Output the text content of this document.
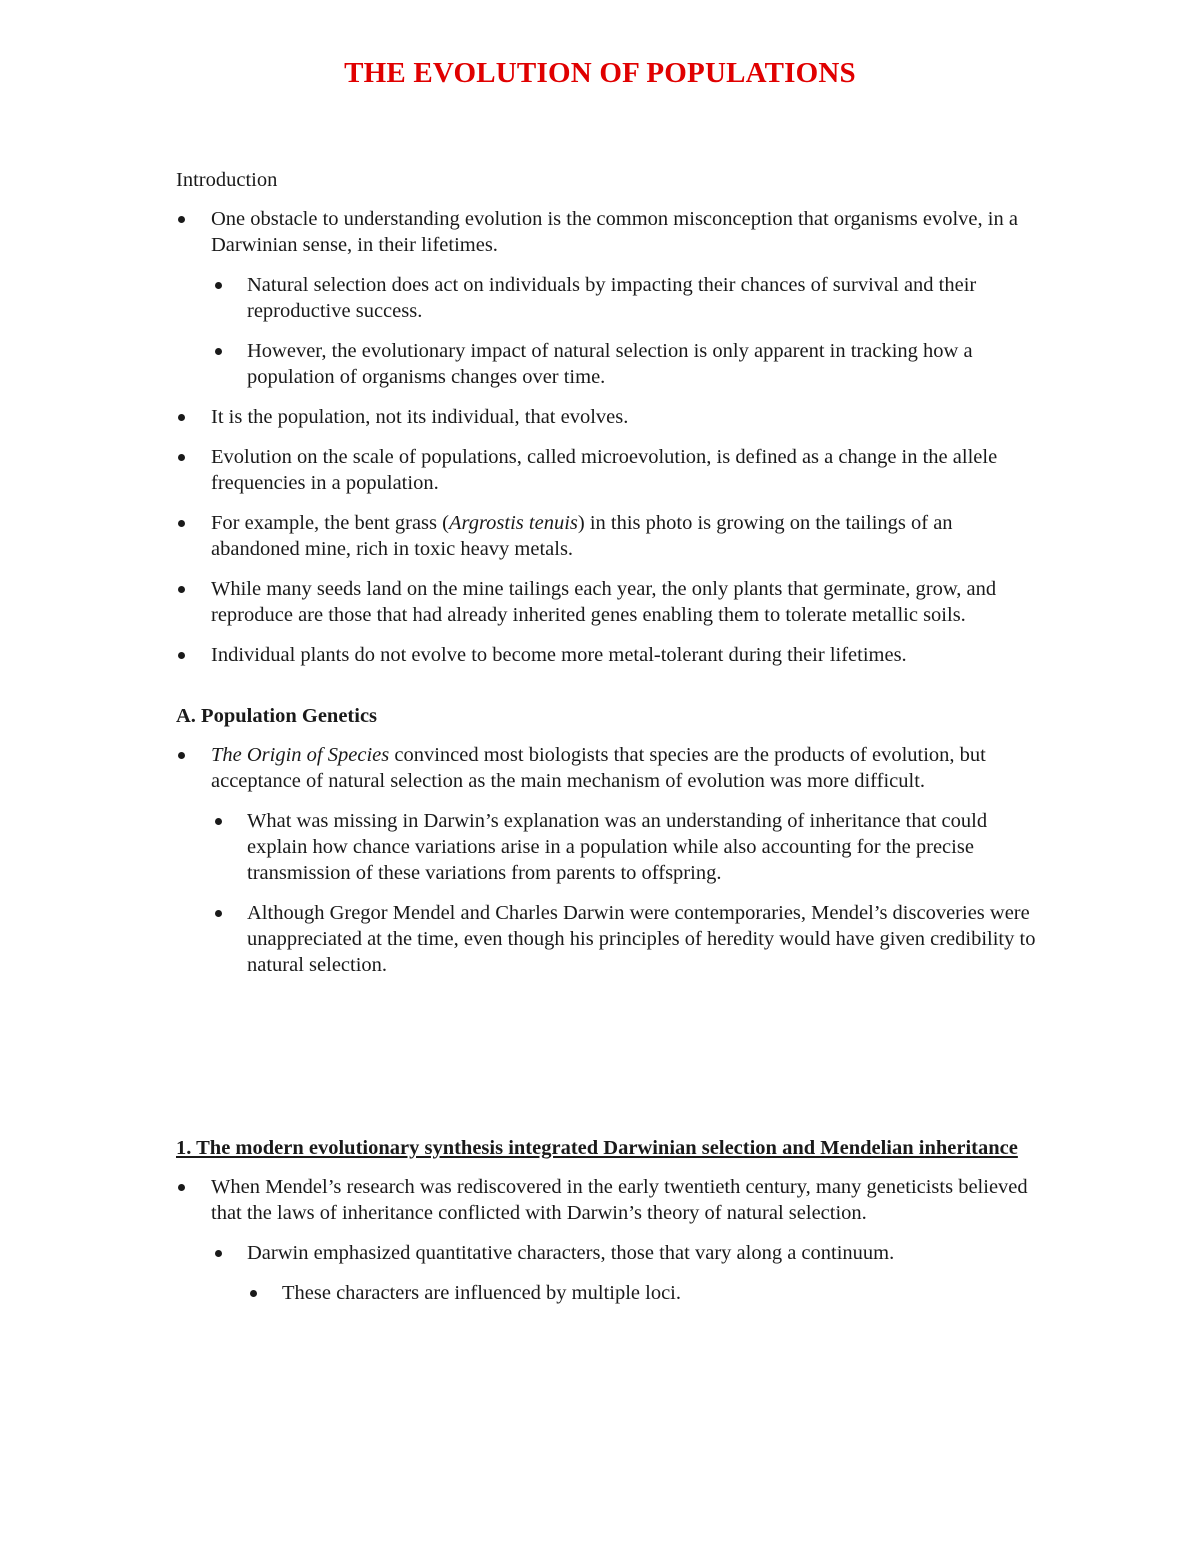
THE EVOLUTION OF POPULATIONS
Introduction
One obstacle to understanding evolution is the common misconception that organisms evolve, in a Darwinian sense, in their lifetimes.
Natural selection does act on individuals by impacting their chances of survival and their reproductive success.
However, the evolutionary impact of natural selection is only apparent in tracking how a population of organisms changes over time.
It is the population, not its individual, that evolves.
Evolution on the scale of populations, called microevolution, is defined as a change in the allele frequencies in a population.
For example, the bent grass (Argrostis tenuis) in this photo is growing on the tailings of an abandoned mine, rich in toxic heavy metals.
While many seeds land on the mine tailings each year, the only plants that germinate, grow, and reproduce are those that had already inherited genes enabling them to tolerate metallic soils.
Individual plants do not evolve to become more metal-tolerant during their lifetimes.
A. Population Genetics
The Origin of Species convinced most biologists that species are the products of evolution, but acceptance of natural selection as the main mechanism of evolution was more difficult.
What was missing in Darwin’s explanation was an understanding of inheritance that could explain how chance variations arise in a population while also accounting for the precise transmission of these variations from parents to offspring.
Although Gregor Mendel and Charles Darwin were contemporaries, Mendel’s discoveries were unappreciated at the time, even though his principles of heredity would have given credibility to natural selection.
1. The modern evolutionary synthesis integrated Darwinian selection and Mendelian inheritance
When Mendel’s research was rediscovered in the early twentieth century, many geneticists believed that the laws of inheritance conflicted with Darwin’s theory of natural selection.
Darwin emphasized quantitative characters, those that vary along a continuum.
These characters are influenced by multiple loci.
